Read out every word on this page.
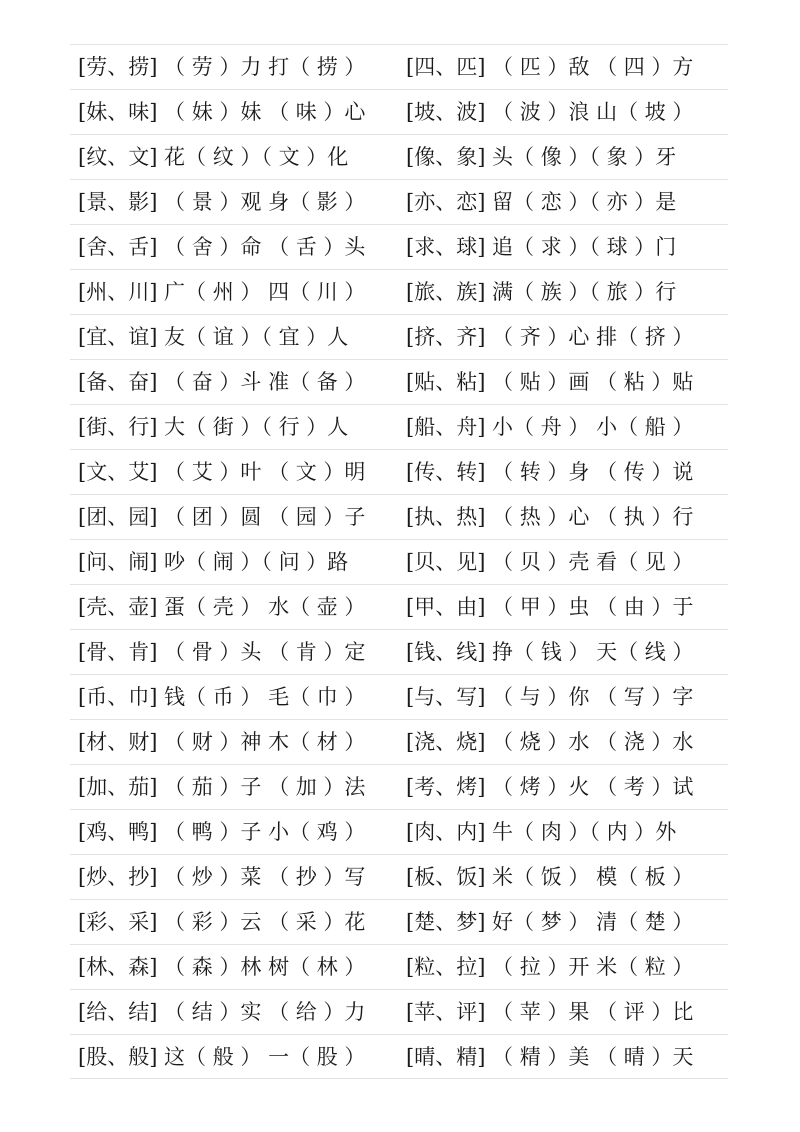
[劳、捞] （ 劳 ）力 打（ 捞 ）	[四、匹] （ 匹 ）敌 （ 四 ）方
[妹、味] （ 妹 ）妹 （ 味 ）心	[坡、波] （ 波 ）浪 山（ 坡 ）
[纹、文] 花（ 纹 ）（ 文 ）化	[像、象] 头（ 像 ）（ 象 ）牙
[景、影] （ 景 ）观 身（ 影 ）	[亦、恋] 留（ 恋 ）（ 亦 ）是
[舍、舌] （ 舍 ）命 （ 舌 ）头	[求、球] 追（ 求 ）（ 球 ）门
[州、川] 广（ 州 ） 四（ 川 ）	[旅、族] 满（ 族 ）（ 旅 ）行
[宜、谊] 友（ 谊 ）（ 宜 ）人	[挤、齐] （ 齐 ）心 排（ 挤 ）
[备、奋] （ 奋 ）斗 准（ 备 ）	[贴、粘] （ 贴 ）画 （ 粘 ）贴
[街、行] 大（ 街 ）（ 行 ）人	[船、舟] 小（ 舟 ） 小（ 船 ）
[文、艾] （ 艾 ）叶 （ 文 ）明	[传、转] （ 转 ）身 （ 传 ）说
[团、园] （ 团 ）圆 （ 园 ）子	[执、热] （ 热 ）心 （ 执 ）行
[问、闹] 吵（ 闹 ）（ 问 ）路	[贝、见] （ 贝 ）壳 看（ 见 ）
[壳、壶] 蛋（ 壳 ） 水（ 壶 ）	[甲、由] （ 甲 ）虫 （ 由 ）于
[骨、肯] （ 骨 ）头 （ 肯 ）定	[钱、线] 挣（ 钱 ） 天（ 线 ）
[币、巾] 钱（ 币 ） 毛（ 巾 ）	[与、写] （ 与 ）你 （ 写 ）字
[材、财] （ 财 ）神 木（ 材 ）	[浇、烧] （ 烧 ）水 （ 浇 ）水
[加、茄] （ 茄 ）子 （ 加 ）法	[考、烤] （ 烤 ）火 （ 考 ）试
[鸡、鸭] （ 鸭 ）子 小（ 鸡 ）	[肉、内] 牛（ 肉 ）（ 内 ）外
[炒、抄] （ 炒 ）菜 （ 抄 ）写	[板、饭] 米（ 饭 ） 模（ 板 ）
[彩、采] （ 彩 ）云 （ 采 ）花	[楚、梦] 好（ 梦 ） 清（ 楚 ）
[林、森] （ 森 ）林 树（ 林 ）	[粒、拉] （ 拉 ）开 米（ 粒 ）
[给、结] （ 结 ）实 （ 给 ）力	[苹、评] （ 苹 ）果 （ 评 ）比
[股、般] 这（ 般 ） 一（ 股 ）	[晴、精] （ 精 ）美 （ 晴 ）天
